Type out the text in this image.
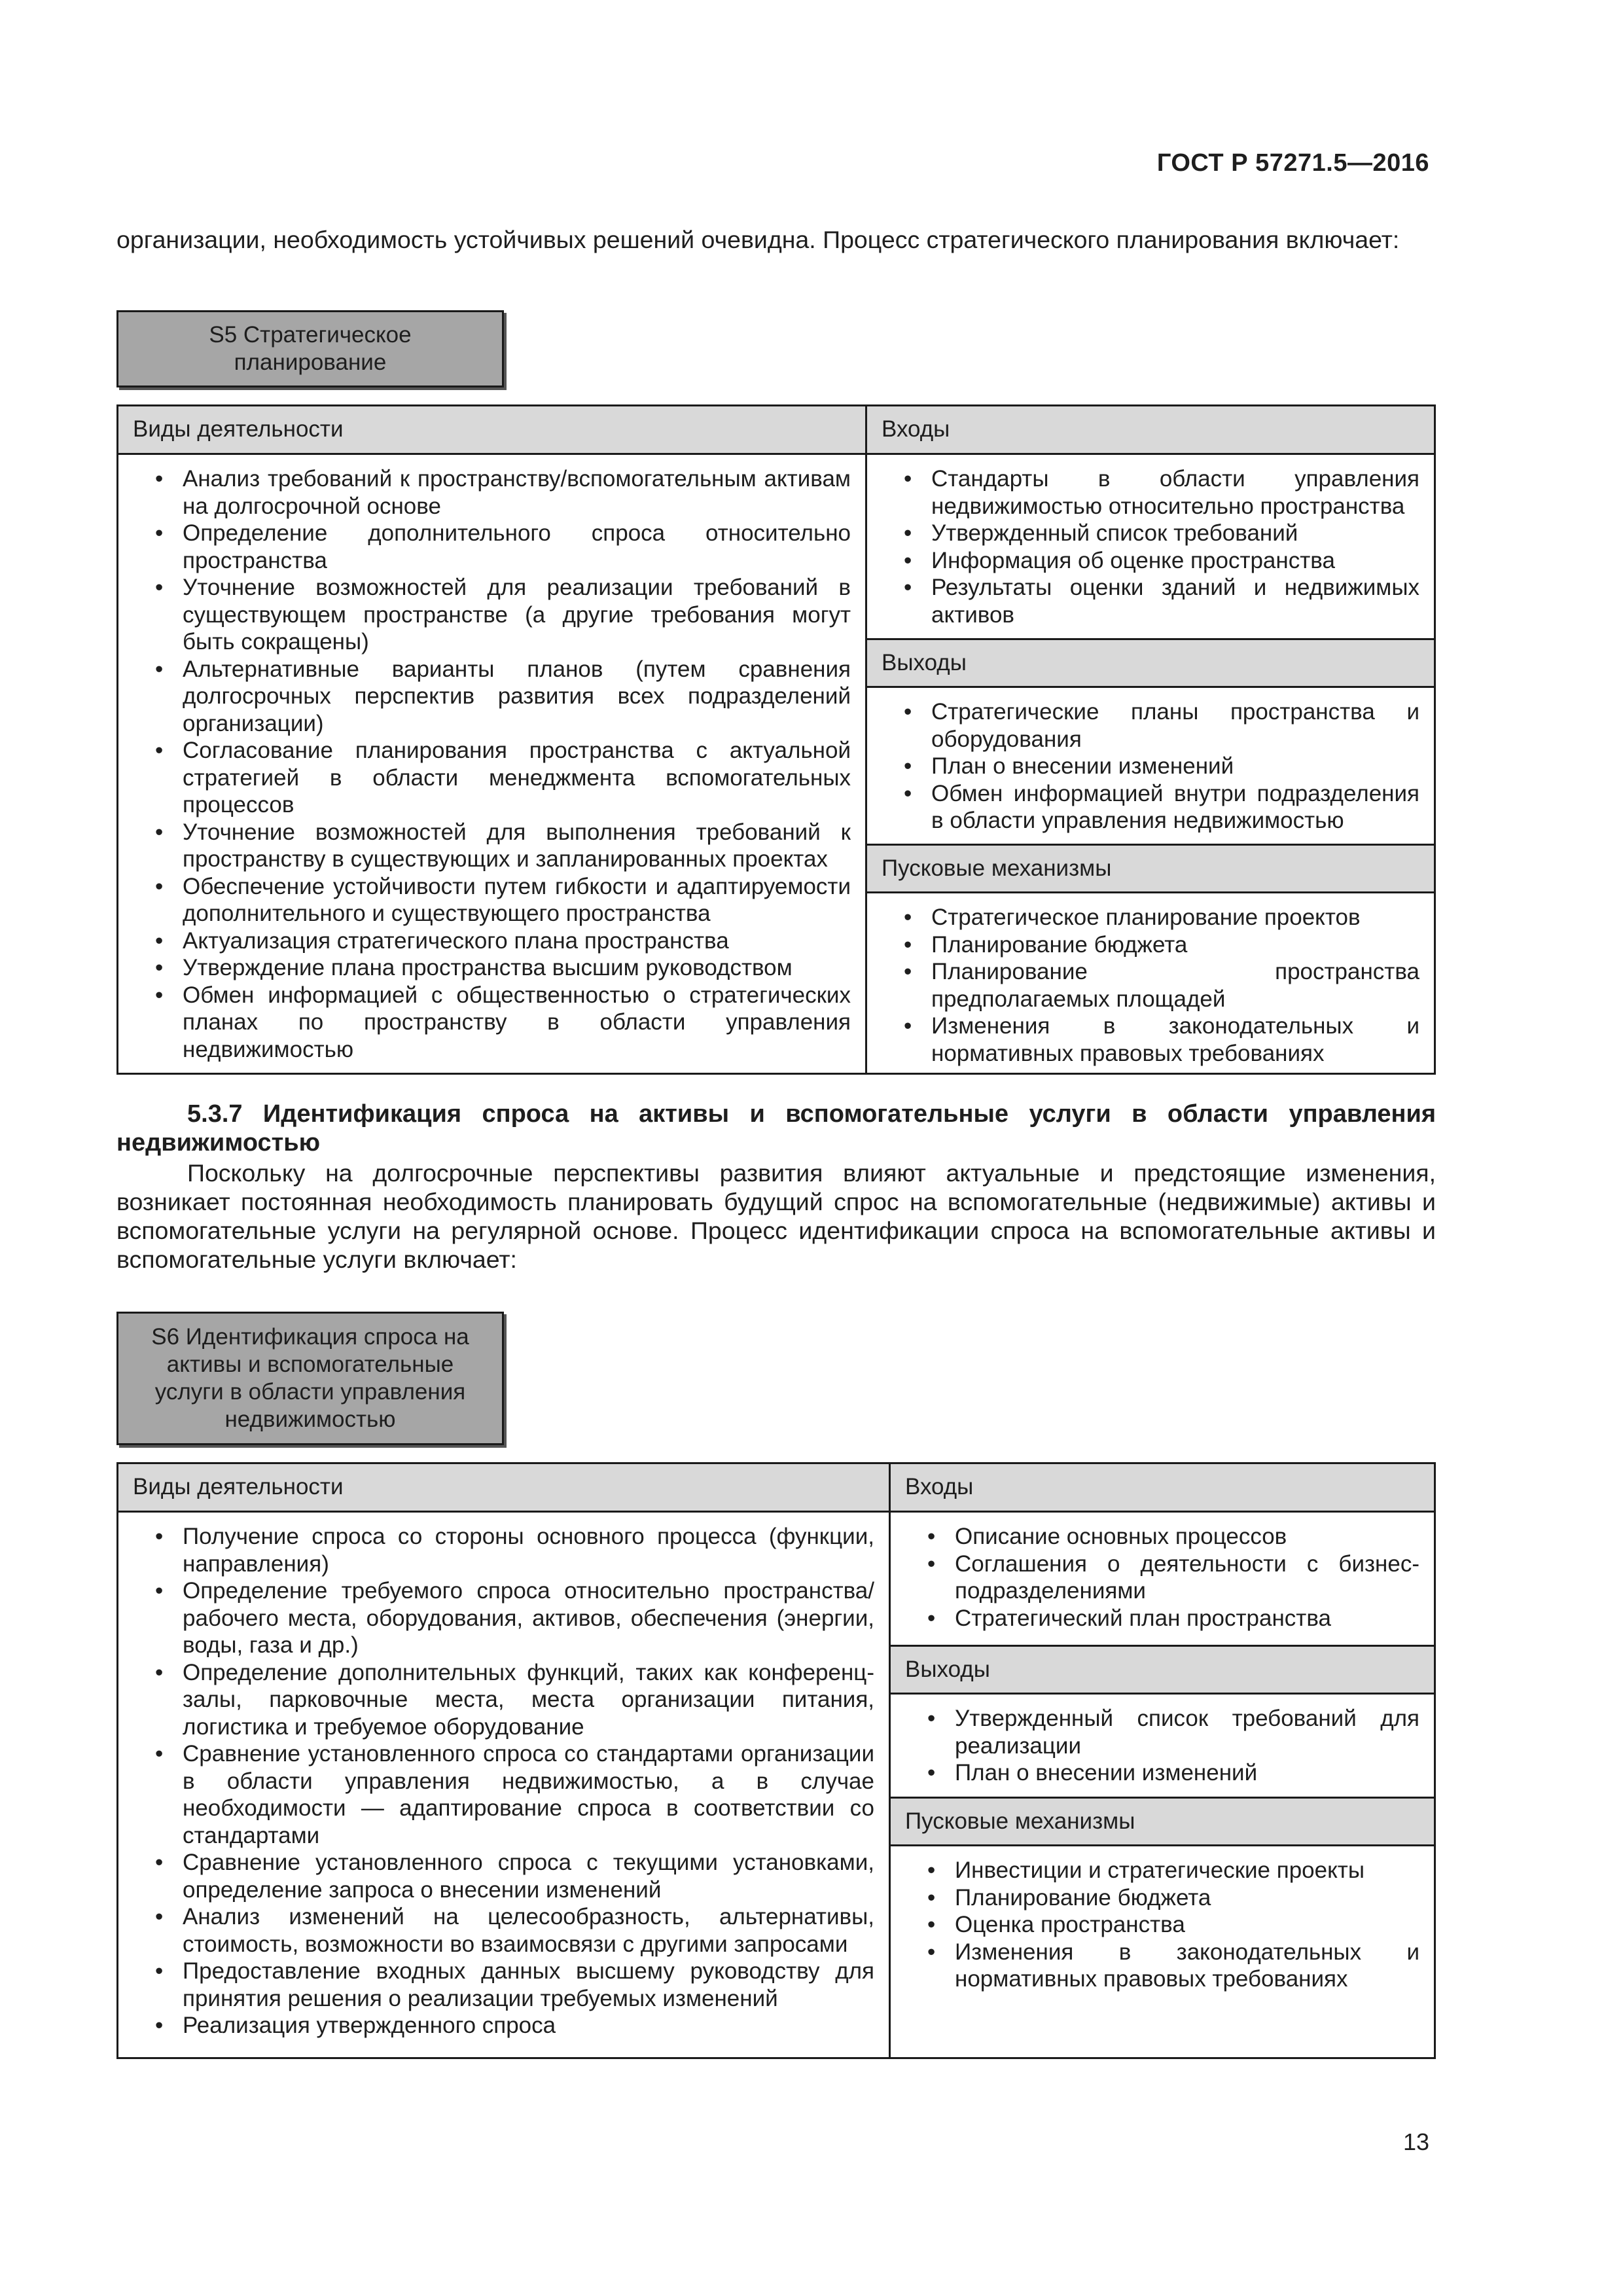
ГОСТ Р 57271.5—2016
организации, необходимость устойчивых решений очевидна. Процесс стратегического планирования включает:
S5 Стратегическое планирование
Виды деятельности
• Анализ требований к пространству/вспомогательным активам на долгосрочной основе
• Определение дополнительного спроса относительно пространства
• Уточнение возможностей для реализации требований в существующем пространстве (а другие требования могут быть сокращены)
• Альтернативные варианты планов (путем сравнения долгосрочных перспектив развития всех подразделений организации)
• Согласование планирования пространства с актуальной стратегией в области менеджмента вспомогательных процессов
• Уточнение возможностей для выполнения требований к пространству в существующих и запланированных проектах
• Обеспечение устойчивости путем гибкости и адаптируемости дополнительного и существующего пространства
• Актуализация стратегического плана пространства
• Утверждение плана пространства высшим руководством
• Обмен информацией с общественностью о стратегических планах по пространству в области управления недвижимостью
Входы
• Стандарты в области управления недвижимостью относительно пространства
• Утвержденный список требований
• Информация об оценке пространства
• Результаты оценки зданий и недвижимых активов
Выходы
• Стратегические планы пространства и оборудования
• План о внесении изменений
• Обмен информацией внутри подразделения в области управления недвижимостью
Пусковые механизмы
• Стратегическое планирование проектов
• Планирование бюджета
• Планирование пространства предполагаемых площадей
• Изменения в законодательных и нормативных правовых требованиях
5.3.7 Идентификация спроса на активы и вспомогательные услуги в области управления недвижимостью
Поскольку на долгосрочные перспективы развития влияют актуальные и предстоящие изменения, возникает постоянная необходимость планировать будущий спрос на вспомогательные (недвижимые) активы и вспомогательные услуги на регулярной основе. Процесс идентификации спроса на вспомогательные активы и вспомогательные услуги включает:
S6 Идентификация спроса на активы и вспомогательные услуги в области управления недвижимостью
Виды деятельности
• Получение спроса со стороны основного процесса (функции, направления)
• Определение требуемого спроса относительно пространства/рабочего места, оборудования, активов, обеспечения (энергии, воды, газа и др.)
• Определение дополнительных функций, таких как конференц-залы, парковочные места, места организации питания, логистика и требуемое оборудование
• Сравнение установленного спроса со стандартами организации в области управления недвижимостью, а в случае необходимости — адаптирование спроса в соответствии со стандартами
• Сравнение установленного спроса с текущими установками, определение запроса о внесении изменений
• Анализ изменений на целесообразность, альтернативы, стоимость, возможности во взаимосвязи с другими запросами
• Предоставление входных данных высшему руководству для принятия решения о реализации требуемых изменений
• Реализация утвержденного спроса
Входы
• Описание основных процессов
• Соглашения о деятельности с бизнес-подразделениями
• Стратегический план пространства
Выходы
• Утвержденный список требований для реализации
• План о внесении изменений
Пусковые механизмы
• Инвестиции и стратегические проекты
• Планирование бюджета
• Оценка пространства
• Изменения в законодательных и нормативных правовых требованиях
13
